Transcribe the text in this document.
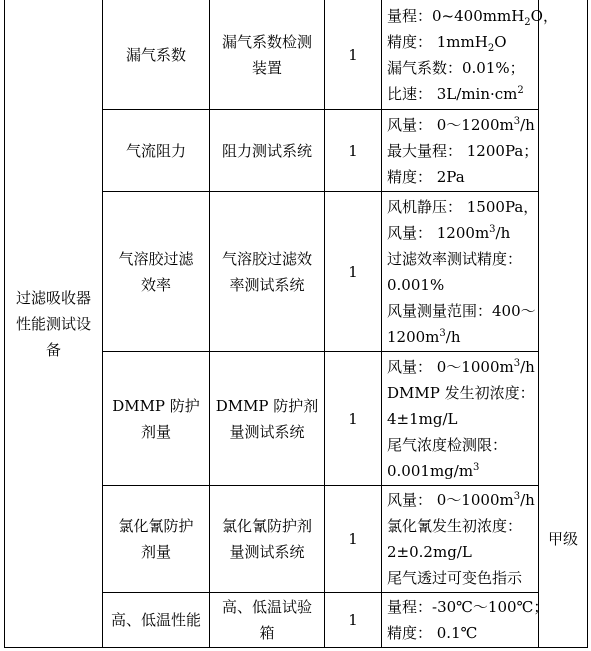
过滤吸收器
性能测试设
备
甲级
漏气系数
漏气系数检测
装置
1
量程：0~400mmH$_2$O，
精度： 1mmH$_2$O
漏气系数：0.01%；
比速： $3L/\min\cdot cm^2$
气流阻力 阻力测试系统 1
风量： $0\sim 1200m^3/h$
最大量程： 1200Pa；
精度： 2Pa
气溶胶过滤
效率
气溶胶过滤效
率测试系统
1
风机静压： 1500Pa，
风量： $1200m^3/h$
过滤效率测试精度：
0.001%
风量测量范围：400～
$1200m^3/h$
DMMP 防护
剂量
DMMP 防护剂
量测试系统
1
风量： $0\sim 1000m^3/h$
DMMP 发生初浓度：
4±1mg/L
尾气浓度检测限：
$0.001mg/m^3$
氯化氰防护
剂量
氯化氰防护剂
量测试系统
1
风量： $0\sim 1000m^3/h$
氯化氰发生初浓度：
2±0.2mg/L
尾气透过可变色指示
高、低温性能
高、低温试验
箱
1
量程：-30℃～100℃；
精度： 0.1℃
